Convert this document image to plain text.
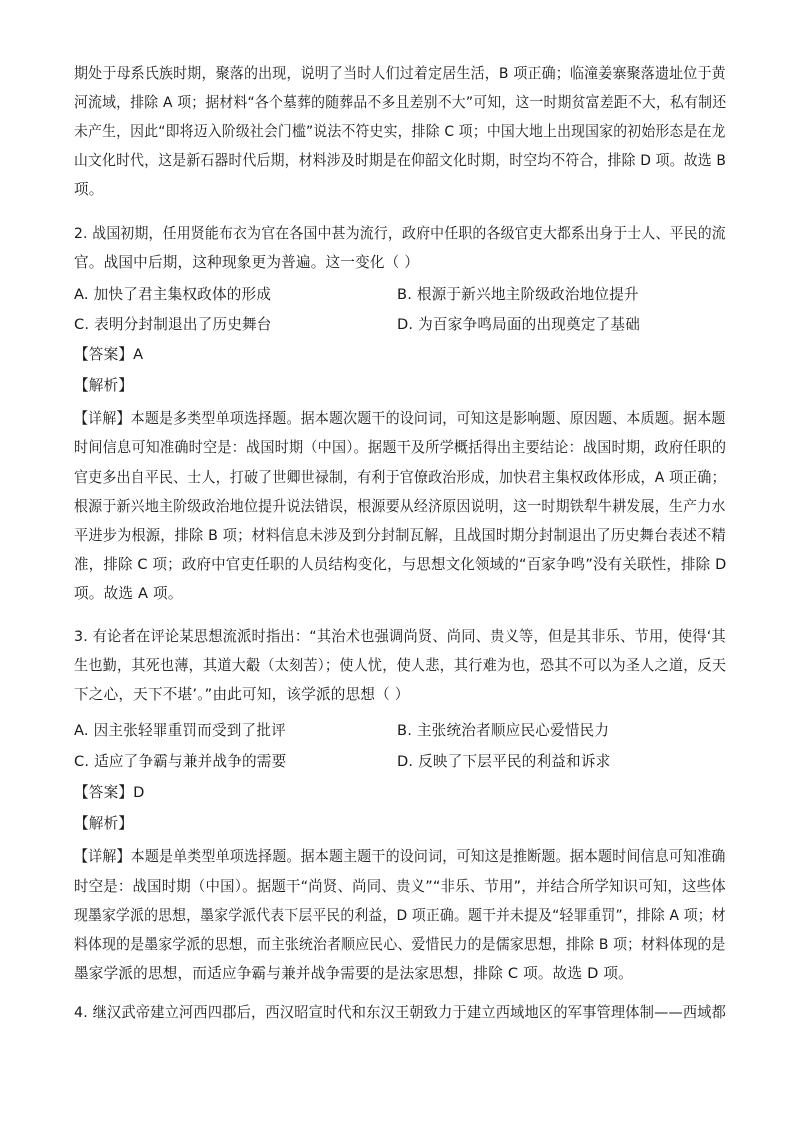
期处于母系氏族时期，聚落的出现，说明了当时人们过着定居生活，B 项正确；临潼姜寨聚落遗址位于黄
河流域，排除 A 项；据材料“各个墓葬的随葬品不多且差别不大”可知，这一时期贫富差距不大，私有制还
未产生，因此“即将迈入阶级社会门槛”说法不符史实，排除 C 项；中国大地上出现国家的初始形态是在龙
山文化时代，这是新石器时代后期，材料涉及时期是在仰韶文化时期，时空均不符合，排除 D 项。故选 B
项。
2. 战国初期，任用贤能布衣为官在各国中甚为流行，政府中任职的各级官吏大都系出身于士人、平民的流
官。战国中后期，这种现象更为普遍。这一变化（ ）
A. 加快了君主集权政体的形成	B. 根源于新兴地主阶级政治地位提升
C. 表明分封制退出了历史舞台	D. 为百家争鸣局面的出现奠定了基础
【答案】A
【解析】
【详解】本题是多类型单项选择题。据本题次题干的设问词，可知这是影响题、原因题、本质题。据本题
时间信息可知准确时空是：战国时期（中国）。据题干及所学概括得出主要结论：战国时期，政府任职的
官吏多出自平民、士人，打破了世卿世禄制，有利于官僚政治形成，加快君主集权政体形成，A 项正确；
根源于新兴地主阶级政治地位提升说法错误，根源要从经济原因说明，这一时期铁犁牛耕发展，生产力水
平进步为根源，排除 B 项；材料信息未涉及到分封制瓦解，且战国时期分封制退出了历史舞台表述不精
准，排除 C 项；政府中官吏任职的人员结构变化，与思想文化领域的“百家争鸣”没有关联性，排除 D
项。故选 A 项。
3. 有论者在评论某思想流派时指出：“其治术也强调尚贤、尚同、贵义等，但是其非乐、节用，使得‘其
生也勤，其死也薄，其道大觳（太刻苦）；使人忧，使人悲，其行难为也，恐其不可以为圣人之道，反天
下之心，天下不堪’。”由此可知，该学派的思想（ ）
A. 因主张轻罪重罚而受到了批评	B. 主张统治者顺应民心爱惜民力
C. 适应了争霸与兼并战争的需要	D. 反映了下层平民的利益和诉求
【答案】D
【解析】
【详解】本题是单类型单项选择题。据本题主题干的设问词，可知这是推断题。据本题时间信息可知准确
时空是：战国时期（中国）。据题干“尚贤、尚同、贵义”“非乐、节用”，并结合所学知识可知，这些体
现墨家学派的思想，墨家学派代表下层平民的利益，D 项正确。题干并未提及“轻罪重罚”，排除 A 项；材
料体现的是墨家学派的思想，而主张统治者顺应民心、爱惜民力的是儒家思想，排除 B 项；材料体现的是
墨家学派的思想，而适应争霸与兼并战争需要的是法家思想，排除 C 项。故选 D 项。
4. 继汉武帝建立河西四郡后，西汉昭宣时代和东汉王朝致力于建立西域地区的军事管理体制——西域都
